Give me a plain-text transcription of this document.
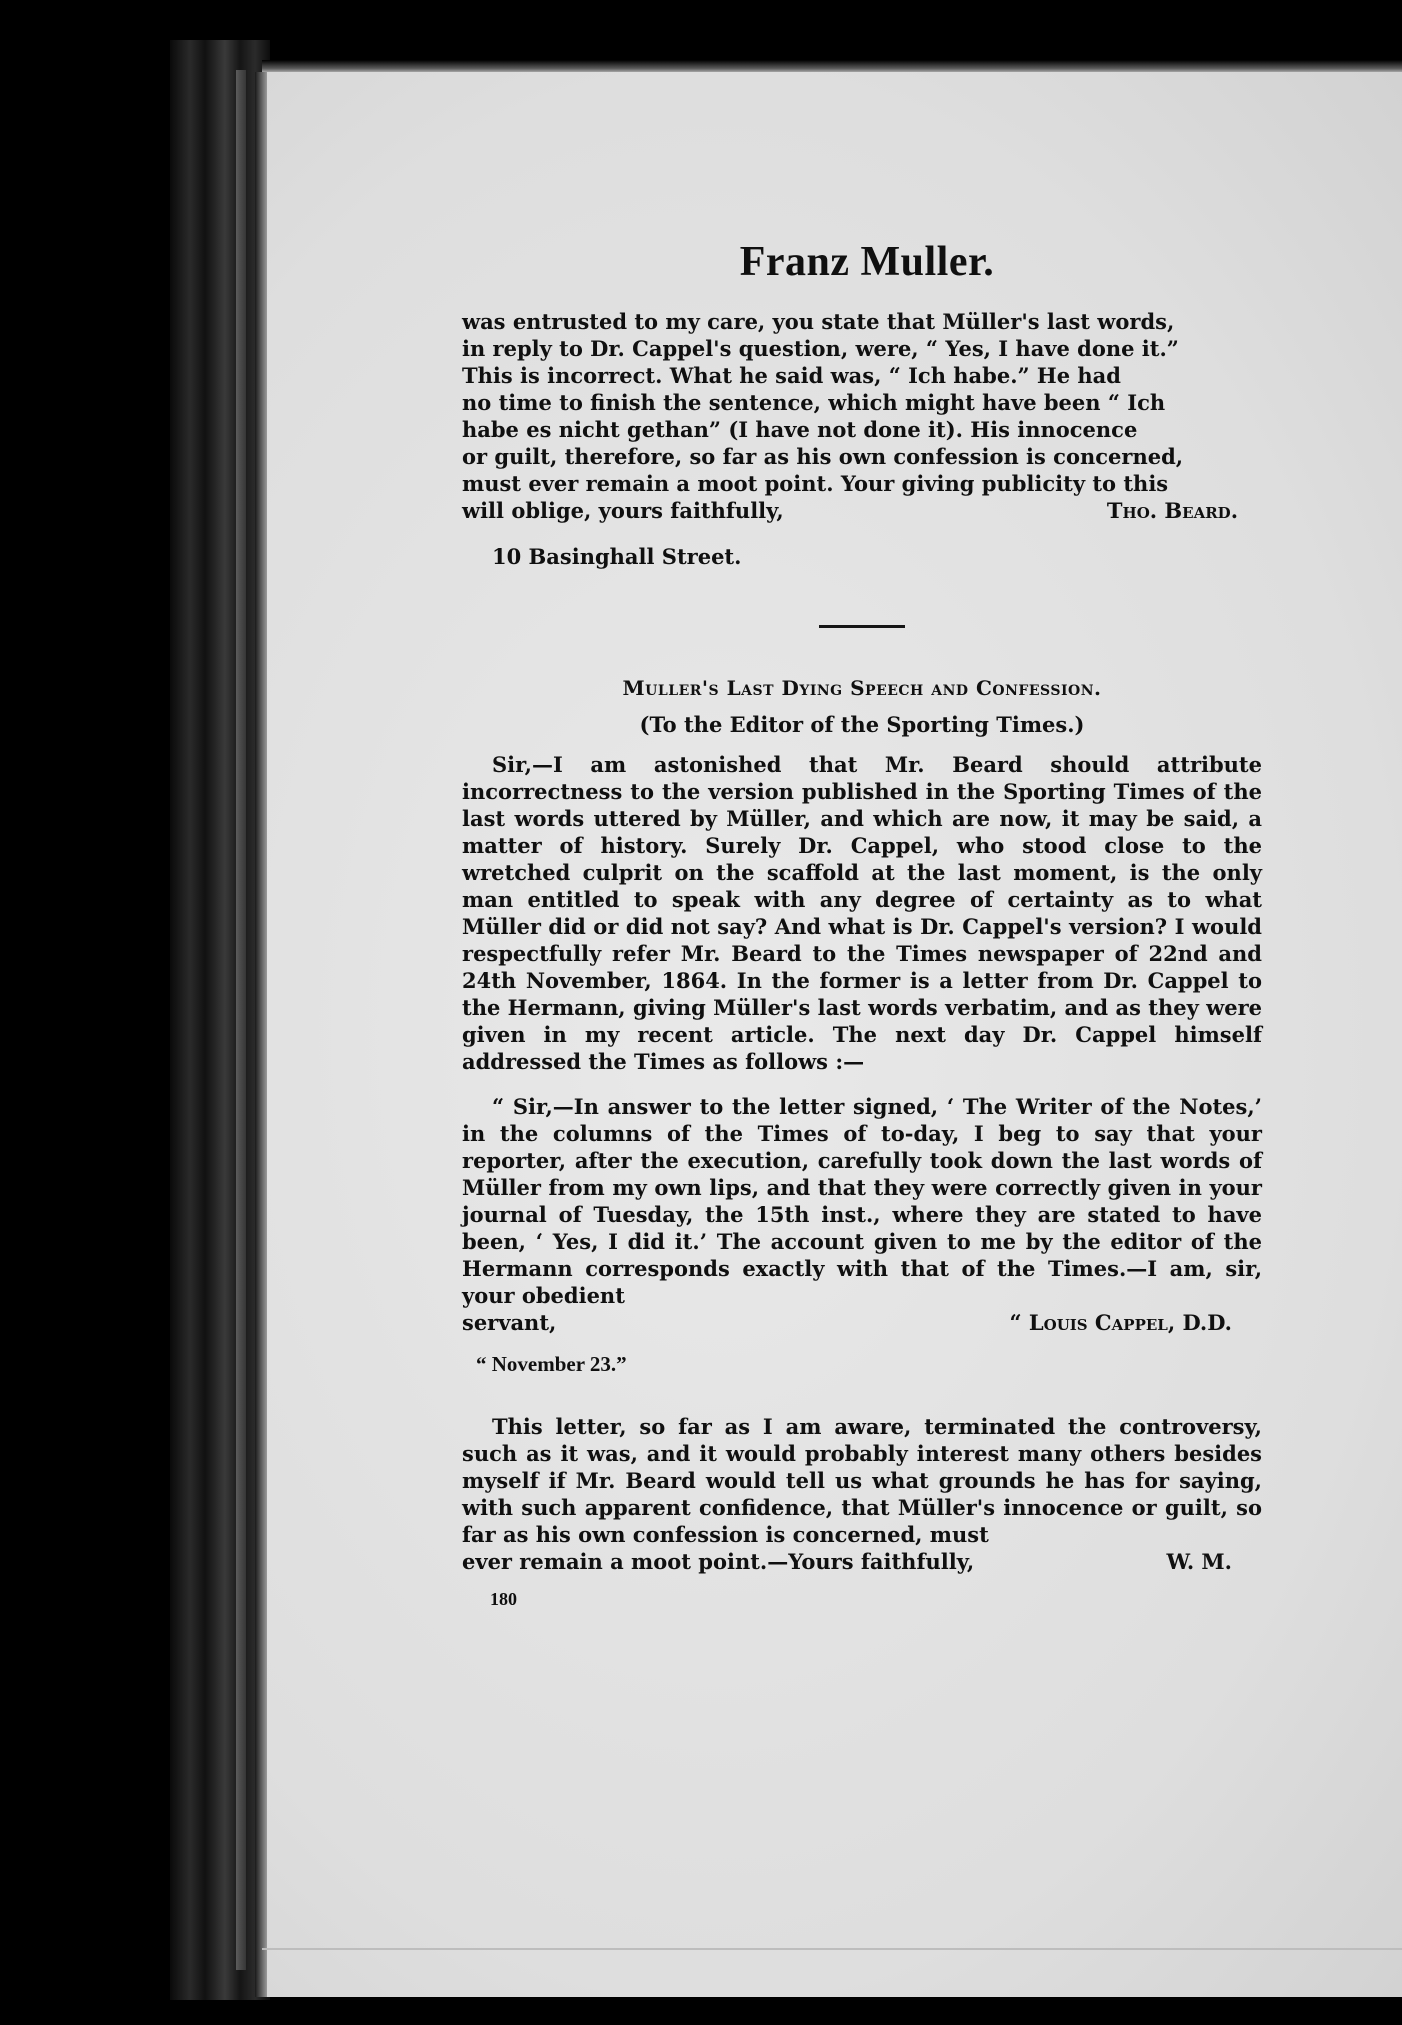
Franz Muller.

was entrusted to my care, you state that Müller's last words,

in reply to Dr. Cappel's question, were, “ Yes, I have done it.”

This is incorrect. What he said was, “ Ich habe.” He had

no time to finish the sentence, which might have been “ Ich

habe es nicht gethan” (I have not done it). His innocence

or guilt, therefore, so far as his own confession is concerned,

must ever remain a moot point. Your giving publicity to this

will oblige, yours faithfully,	Tho. Beard.
10 Basinghall Street.
Muller's Last Dying Speech and Confession.
(To the Editor of the Sporting Times.)

Sir,—I am astonished that Mr. Beard should attribute incorrectness to the version published in the Sporting Times of the last words uttered by Müller, and which are now, it may be said, a matter of history. Surely Dr. Cappel, who stood close to the wretched culprit on the scaffold at the last moment, is the only man entitled to speak with any degree of certainty as to what Müller did or did not say? And what is Dr. Cappel's version? I would respectfully refer Mr. Beard to the Times newspaper of 22nd and 24th November, 1864. In the former is a letter from Dr. Cappel to the Hermann, giving Müller's last words verbatim, and as they were given in my recent article. The next day Dr. Cappel himself addressed the Times as follows :—

“ Sir,—In answer to the letter signed, ‘ The Writer of the Notes,’ in the columns of the Times of to-day, I beg to say that your reporter, after the execution, carefully took down the last words of Müller from my own lips, and that they were correctly given in your journal of Tuesday, the 15th inst., where they are stated to have been, ‘ Yes, I did it.’ The account given to me by the editor of the Hermann corresponds exactly with that of the Times.—I am, sir, your obedient

servant,	“ Louis Cappel, D.D.
“ November 23.”

This letter, so far as I am aware, terminated the controversy, such as it was, and it would probably interest many others besides myself if Mr. Beard would tell us what grounds he has for saying, with such apparent confidence, that Müller's innocence or guilt, so far as his own confession is concerned, must

ever remain a moot point.—Yours faithfully,	W. M.
180
